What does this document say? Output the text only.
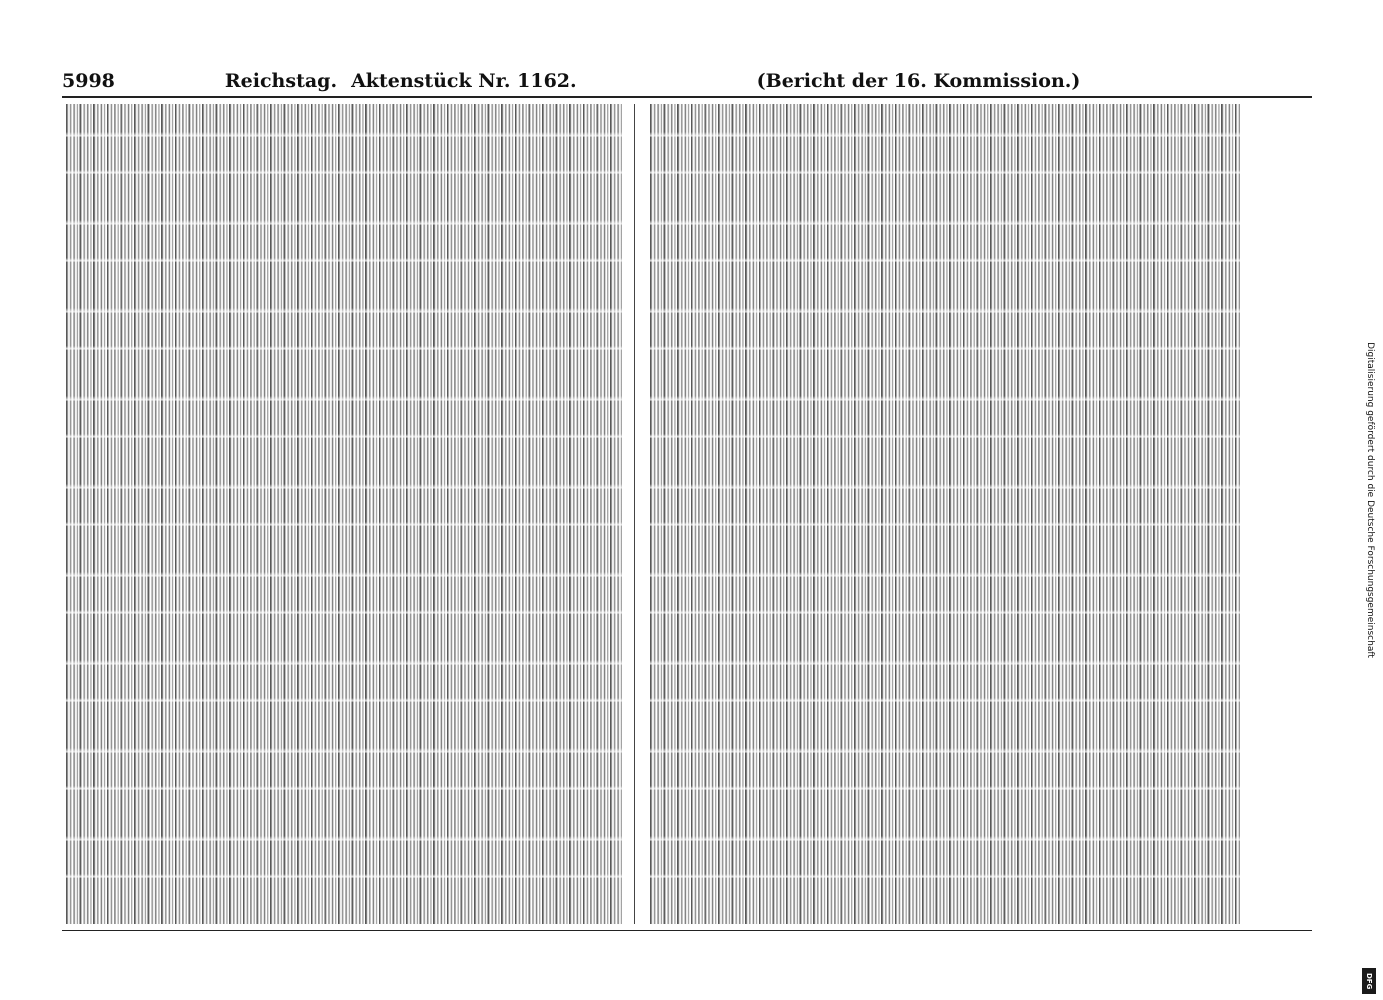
5998	Reichstag. Aktenstück Nr. 1162.	(Bericht der 16. Kommission.)
Digitalisierung gefördert durch die Deutsche Forschungsgemeinschaft
DFG
